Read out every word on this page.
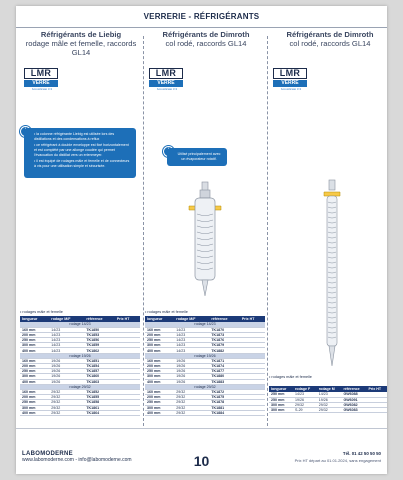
VERRERIE - RÉFRIGÉRANTS
Réfrigérants de Liebig
rodage mâle et femelle, raccords GL14
LMR
VERRE
borosilicaté 3.3

• la colonne réfrigérante Liebig est utilisée lors des distillations et des condensations à reflux

• ce réfrigérant à double enveloppe est fixé horizontalement et est complété par une allonge coudée qui permet l'évacuation du distillat vers un erlenmeyer.

• il est équipé de rodages mâle et femelle et de connecteurs à vis pour une utilisation simple et sécurisée.

• rodages mâle et femelle
longueur	rodage M/F	référence	Prix HT
rodage 14/23			
160 mm	14/23	TK1850	
200 mm	14/23	TK1853	
250 mm	14/23	TK1856	
300 mm	14/23	TK1859	
400 mm	14/23	TK1862	
rodage 19/26			
160 mm	19/26	TK1851	
200 mm	19/26	TK1854	
250 mm	19/26	TK1857	
300 mm	19/26	TK1860	
400 mm	19/26	TK1863	
rodage 29/32			
160 mm	29/32	TK1852	
200 mm	29/32	TK1855	
250 mm	29/32	TK1858	
300 mm	29/32	TK1861	
400 mm	29/32	TK1864	
Réfrigérants de Dimroth
col rodé, raccords GL14
LMR
VERRE
borosilicaté 3.3

Utilisé principalement avec un évaporateur rotatif.

• rodages mâle et femelle
longueur	rodage M/F	référence	Prix HT
rodage 14/23			
160 mm	14/23	TK1870	
200 mm	14/23	TK1873	
250 mm	14/23	TK1876	
300 mm	14/23	TK1879	
400 mm	14/23	TK1882	
rodage 19/26			
160 mm	19/26	TK1871	
200 mm	19/26	TK1874	
250 mm	19/26	TK1877	
300 mm	19/26	TK1880	
400 mm	19/26	TK1883	
rodage 29/32			
160 mm	29/32	TK1872	
200 mm	29/32	TK1875	
250 mm	29/32	TK1878	
300 mm	29/32	TK1881	
400 mm	29/32	TK1884	
Réfrigérants de Dimroth
col rodé, raccords GL14
LMR
VERRE
borosilicaté 3.3
• rodages mâle et femelle
longueur	rodage F	rodage M	référence	Prix HT
250 mm	14/23	14/23	GW6088	
250 mm	19/26	19/26	GW6091	
300 mm	29/32	29/32	GW6082	
300 mm	S-29	29/32	GW6083	
LABOMODERNE
www.labomoderne.com - info@labomoderne.com	10	Tél. 01 42 50 50 50
Prix HT départ au 01.01.2024, sans engagement
